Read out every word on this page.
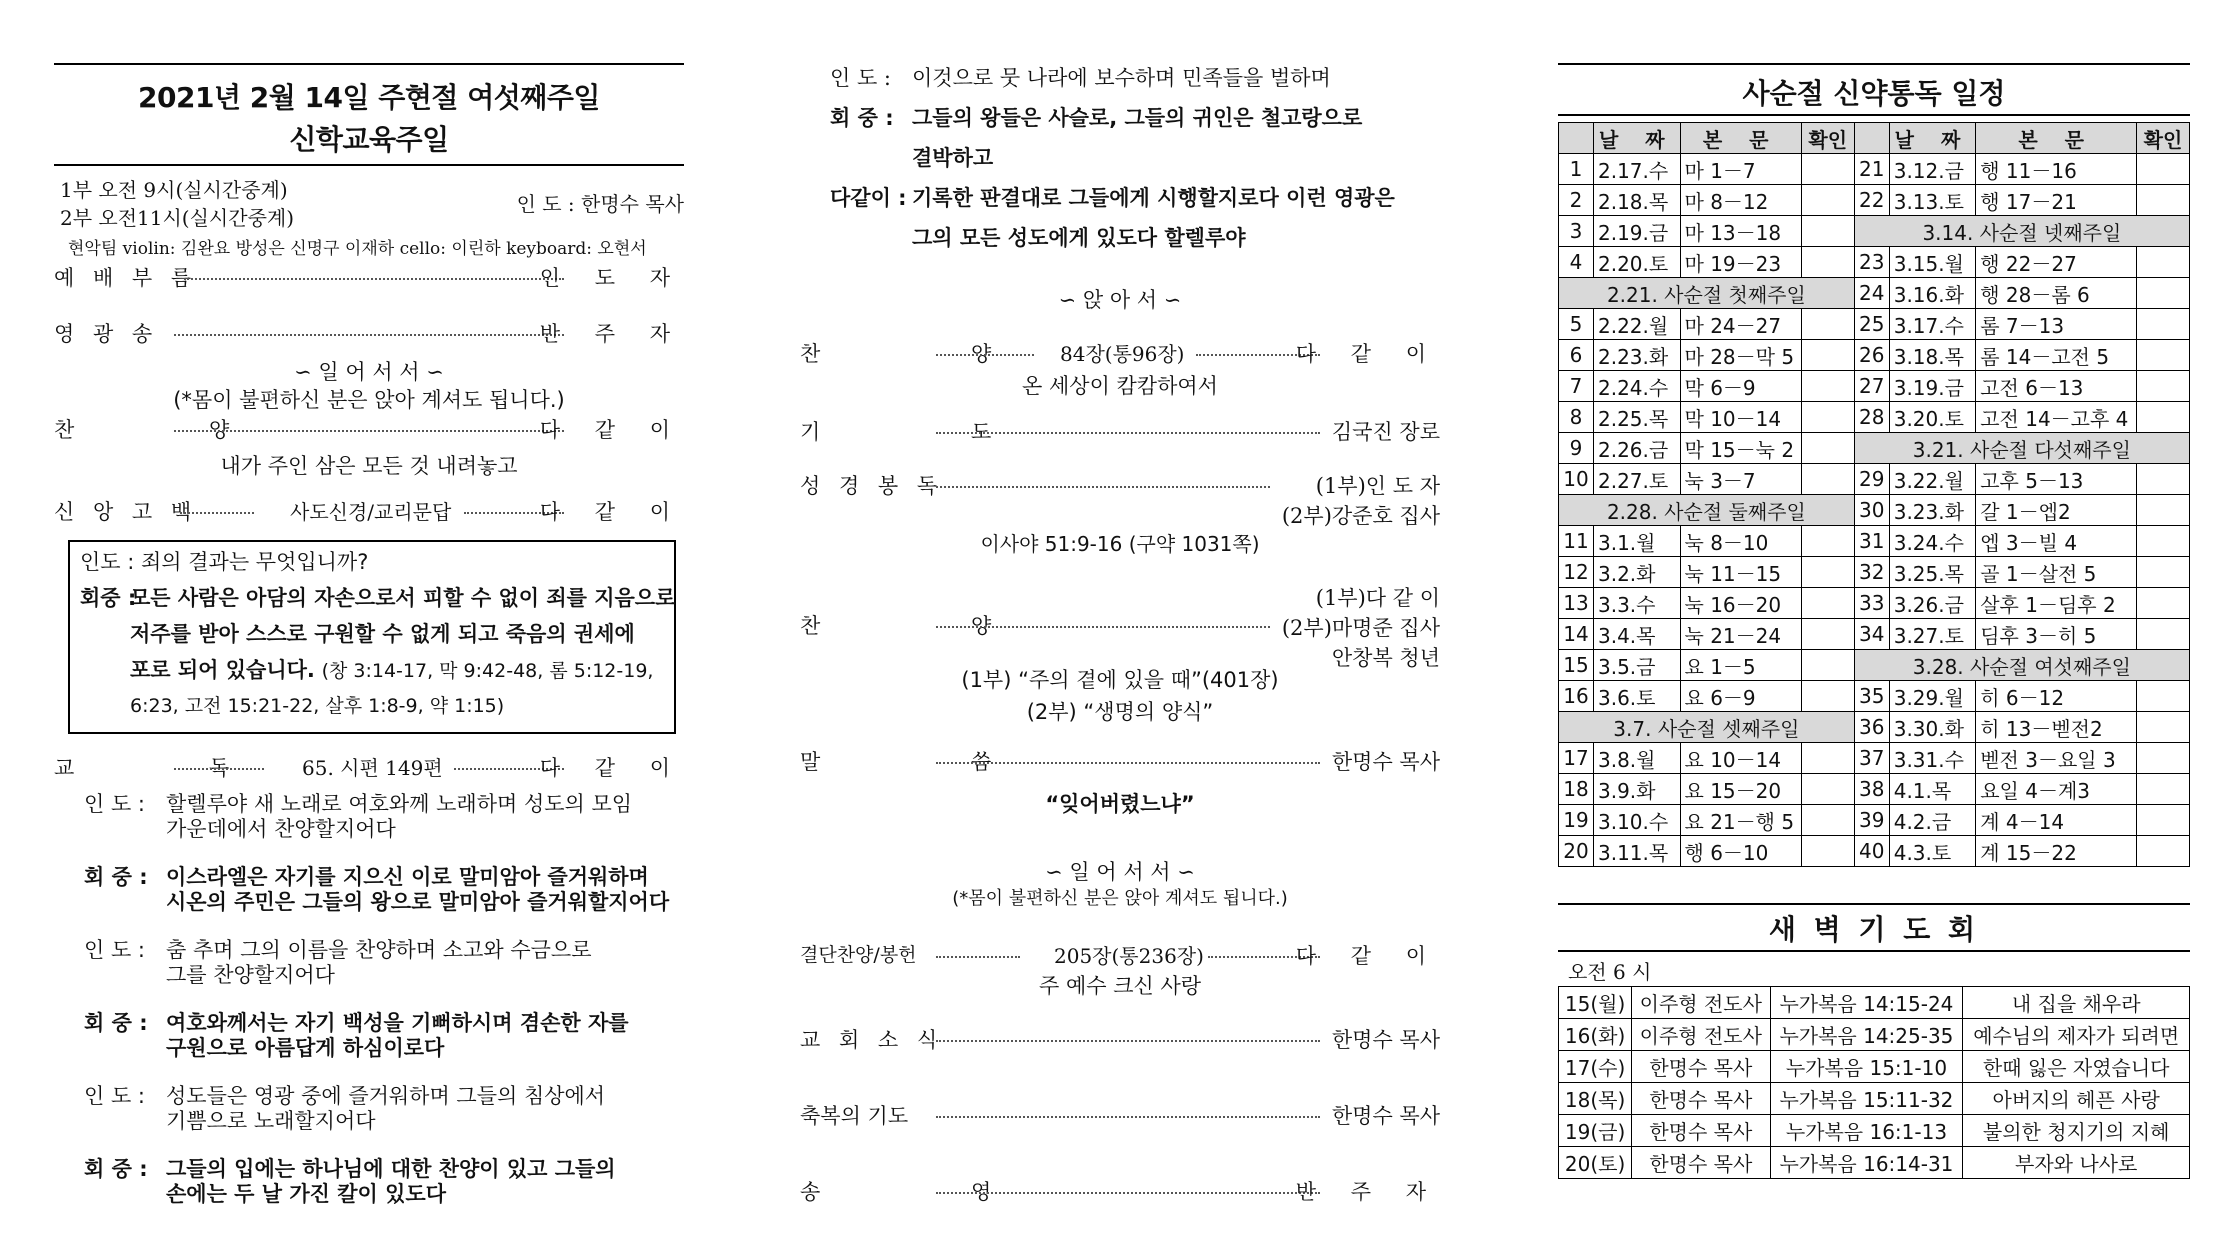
2021년 2월 14일 주현절 여섯째주일
신학교육주일
1부 오전 9시(실시간중계)
2부 오전11시(실시간중계)
인 도 : 한명수 목사
현악팀 violin: 김완요 방성은 신명구 이재하 cello: 이린하 keyboard: 오현서
예 배 부 름	인 도 자
영 광 송	반 주 자
∽ 일 어 서 서 ∽
(*몸이 불편하신 분은 앉아 계셔도 됩니다.)
찬 양	다 같 이
내가 주인 삼은 모든 것 내려놓고
신 앙 고 백	사도신경/교리문답	다 같 이
인도 : 죄의 결과는 무엇입니까?
회중 :
모든 사람은 아담의 자손으로서 피할 수 없이 죄를 지음으로
저주를 받아 스스로 구원할 수 없게 되고 죽음의 권세에
포로 되어 있습니다. (창 3:14-17, 막 9:42-48, 롬 5:12-19,
6:23, 고전 15:21-22, 살후 1:8-9, 약 1:15)
교 독 65. 시편 149편	다 같 이
인 도 : 할렐루야 새 노래로 여호와께 노래하며 성도의 모임
가운데에서 찬양할지어다
회 중 : 이스라엘은 자기를 지으신 이로 말미암아 즐거워하며
시온의 주민은 그들의 왕으로 말미암아 즐거워할지어다
인 도 : 춤 추며 그의 이름을 찬양하며 소고와 수금으로
그를 찬양할지어다
회 중 : 여호와께서는 자기 백성을 기뻐하시며 겸손한 자를
구원으로 아름답게 하심이로다
인 도 : 성도들은 영광 중에 즐거워하며 그들의 침상에서
기쁨으로 노래할지어다
회 중 : 그들의 입에는 하나님에 대한 찬양이 있고 그들의
손에는 두 날 가진 칼이 있도다
인 도 : 이것으로 뭇 나라에 보수하며 민족들을 벌하며
회 중 : 그들의 왕들은 사슬로, 그들의 귀인은 철고랑으로
결박하고
다같이 : 기록한 판결대로 그들에게 시행할지로다 이런 영광은
그의 모든 성도에게 있도다 할렐루야
∽ 앉 아 서 ∽
찬 양
84장(통96장)	다 같 이
온 세상이 캄캄하여서
기 도	김국진 장로
성 경 봉 독	(1부)인 도 자
(2부)강준호 집사
이사야 51:9-16 (구약 1031쪽)
찬 양
(1부)다 같 이
(2부)마명준 집사
안창복 청년
(1부) “주의 곁에 있을 때”(401장)
(2부) “생명의 양식”
말 씀	한명수 목사
“잊어버렸느냐”
∽ 일 어 서 서 ∽
(*몸이 불편하신 분은 앉아 계셔도 됩니다.)
결단찬양/봉헌	205장(통236장)	다 같 이
주 예수 크신 사랑
교 회 소 식	한명수 목사
축복의 기도	한명수 목사
송 영	반 주 자
사순절 신약통독 일정
	날 짜	본 문	확인		날 짜	본 문	확인
1	2.17.수	마 1－7		21	3.12.금	행 11－16	
2	2.18.목	마 8－12		22	3.13.토	행 17－21	
3	2.19.금	마 13－18		3.14. 사순절 넷째주일			
4	2.20.토	마 19－23		23	3.15.월	행 22－27	
2.21. 사순절 첫째주일				24	3.16.화	행 28－롬 6	
5	2.22.월	마 24－27		25	3.17.수	롬 7－13	
6	2.23.화	마 28－막 5		26	3.18.목	롬 14－고전 5	
7	2.24.수	막 6－9		27	3.19.금	고전 6－13	
8	2.25.목	막 10－14		28	3.20.토	고전 14－고후 4	
9	2.26.금	막 15－눅 2		3.21. 사순절 다섯째주일			
10	2.27.토	눅 3－7		29	3.22.월	고후 5－13	
2.28. 사순절 둘째주일				30	3.23.화	갈 1－엡2	
11	3.1.월	눅 8－10		31	3.24.수	엡 3－빌 4	
12	3.2.화	눅 11－15		32	3.25.목	골 1－살전 5	
13	3.3.수	눅 16－20		33	3.26.금	살후 1－딤후 2	
14	3.4.목	눅 21－24		34	3.27.토	딤후 3－히 5	
15	3.5.금	요 1－5		3.28. 사순절 여섯째주일			
16	3.6.토	요 6－9		35	3.29.월	히 6－12	
3.7. 사순절 셋째주일				36	3.30.화	히 13－벧전2	
17	3.8.월	요 10－14		37	3.31.수	벧전 3－요일 3	
18	3.9.화	요 15－20		38	4.1.목	요일 4－계3	
19	3.10.수	요 21－행 5		39	4.2.금	계 4－14	
20	3.11.목	행 6－10		40	4.3.토	계 15－22	
새 벽 기 도 회
오전 6 시
15(월)	이주형 전도사	누가복음 14:15-24	내 집을 채우라
16(화)	이주형 전도사	누가복음 14:25-35	예수님의 제자가 되려면
17(수)	한명수 목사	누가복음 15:1-10	한때 잃은 자였습니다
18(목)	한명수 목사	누가복음 15:11-32	아버지의 헤픈 사랑
19(금)	한명수 목사	누가복음 16:1-13	불의한 청지기의 지혜
20(토)	한명수 목사	누가복음 16:14-31	부자와 나사로
